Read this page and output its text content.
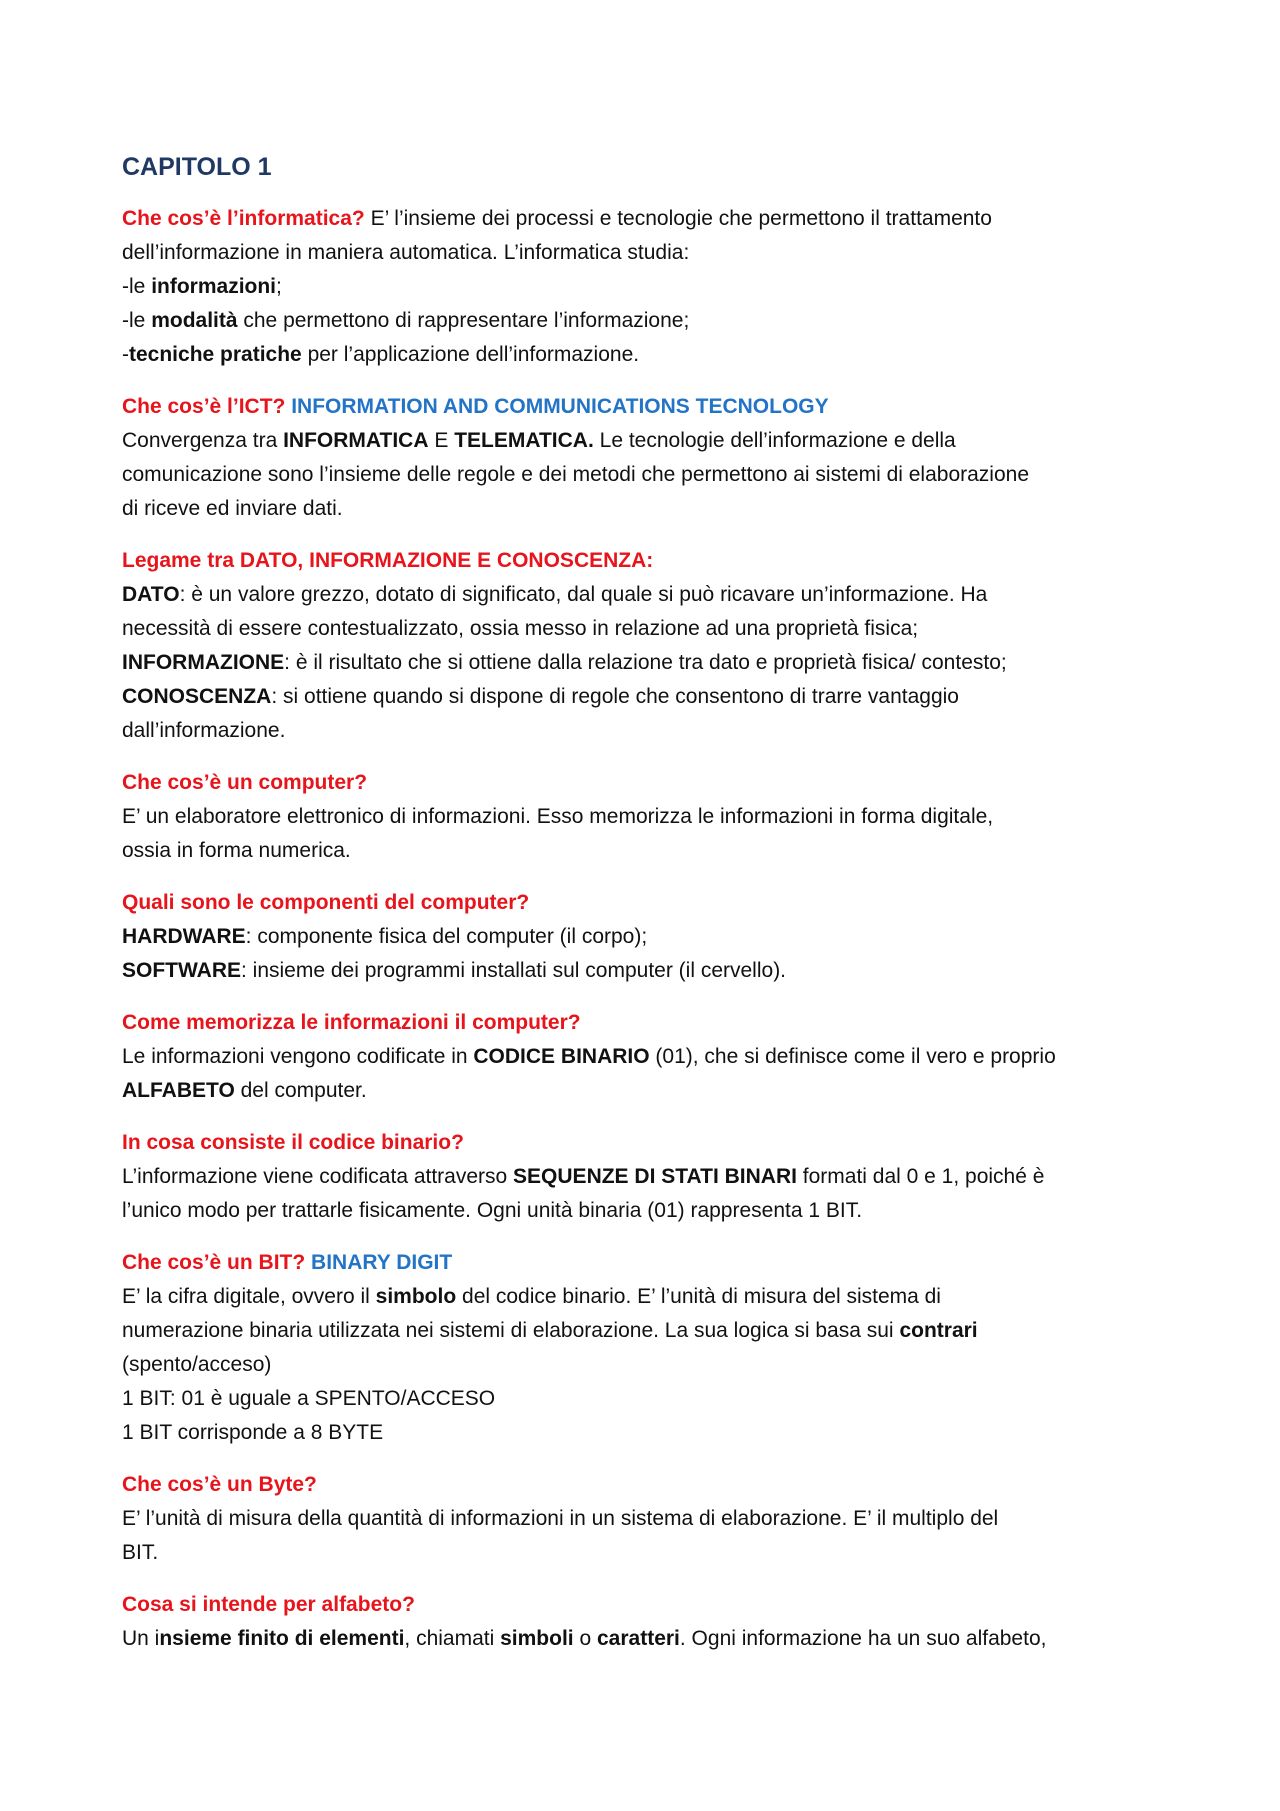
CAPITOLO 1
Che cos’è l’informatica? E’ l’insieme dei processi e tecnologie che permettono il trattamento
dell’informazione in maniera automatica. L’informatica studia:
-le informazioni;
-le modalità che permettono di rappresentare l’informazione;
-tecniche pratiche per l’applicazione dell’informazione.
Che cos’è l’ICT? INFORMATION AND COMMUNICATIONS TECNOLOGY
Convergenza tra INFORMATICA E TELEMATICA. Le tecnologie dell’informazione e della
comunicazione sono l’insieme delle regole e dei metodi che permettono ai sistemi di elaborazione
di riceve ed inviare dati.
Legame tra DATO, INFORMAZIONE E CONOSCENZA:
DATO: è un valore grezzo, dotato di significato, dal quale si può ricavare un’informazione. Ha
necessità di essere contestualizzato, ossia messo in relazione ad una proprietà fisica;
INFORMAZIONE: è il risultato che si ottiene dalla relazione tra dato e proprietà fisica/ contesto;
CONOSCENZA: si ottiene quando si dispone di regole che consentono di trarre vantaggio
dall’informazione.
Che cos’è un computer?
E’ un elaboratore elettronico di informazioni. Esso memorizza le informazioni in forma digitale,
ossia in forma numerica.
Quali sono le componenti del computer?
HARDWARE: componente fisica del computer (il corpo);
SOFTWARE: insieme dei programmi installati sul computer (il cervello).
Come memorizza le informazioni il computer?
Le informazioni vengono codificate in CODICE BINARIO (01), che si definisce come il vero e proprio
ALFABETO del computer.
In cosa consiste il codice binario?
L’informazione viene codificata attraverso SEQUENZE DI STATI BINARI formati dal 0 e 1, poiché è
l’unico modo per trattarle fisicamente. Ogni unità binaria (01) rappresenta 1 BIT.
Che cos’è un BIT? BINARY DIGIT
E’ la cifra digitale, ovvero il simbolo del codice binario. E’ l’unità di misura del sistema di
numerazione binaria utilizzata nei sistemi di elaborazione. La sua logica si basa sui contrari
(spento/acceso)
1 BIT: 01 è uguale a SPENTO/ACCESO
1 BIT corrisponde a 8 BYTE
Che cos’è un Byte?
E’ l’unità di misura della quantità di informazioni in un sistema di elaborazione. E’ il multiplo del
BIT.
Cosa si intende per alfabeto?
Un insieme finito di elementi, chiamati simboli o caratteri. Ogni informazione ha un suo alfabeto,
